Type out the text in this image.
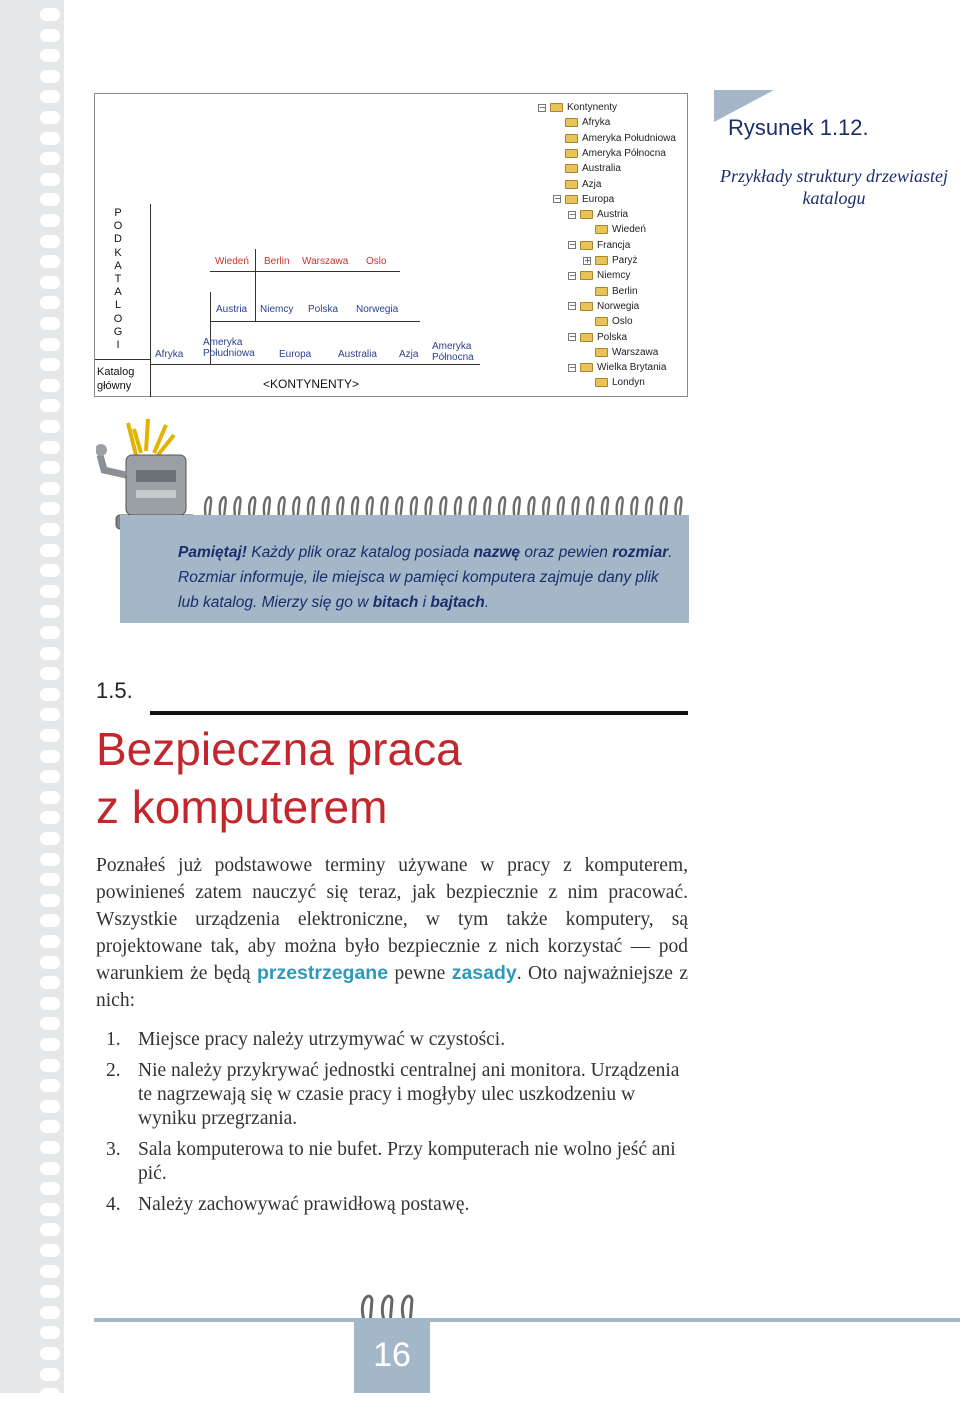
P
O
D
K
A
T
A
L
O
G
I
Katalog główny	<KONTYNENTY>
Afryka
Ameryka Południowa	Europa	Australia Azja
Ameryka Północna
Austria Niemcy Polska Norwegia
Wiedeń Berlin Warszawa Oslo
− Kontynenty
Afryka
Ameryka Południowa
Ameryka Północna
Australia
Azja
− Europa
− Austria
Wiedeń
− Francja
+ Paryż
− Niemcy
Berlin
− Norwegia
Oslo
− Polska
Warszawa
− Wielka Brytania
Londyn
Rysunek 1.12.
Przykłady struktury drzewiastej katalogu
Pamiętaj! Każdy plik oraz katalog posiada nazwę oraz pewien rozmiar. Rozmiar informuje, ile miejsca w pamięci komputera zajmuje dany plik lub katalog. Mierzy się go w bitach i bajtach.
1.5.
Bezpieczna praca
z komputerem
Poznałeś już podstawowe terminy używane w pracy z komputerem, powinieneś zatem nauczyć się teraz, jak bezpiecznie z nim pracować. Wszystkie urządzenia elektroniczne, w tym także komputery, są projektowane tak, aby można było bezpiecznie z nich korzystać — pod warunkiem że będą przestrzegane pewne zasady. Oto najważniejsze z nich:
1. Miejsce pracy należy utrzymywać w czystości.
2. Nie należy przykrywać jednostki centralnej ani monitora. Urządzenia te nagrzewają się w czasie pracy i mogłyby ulec uszkodzeniu w wyniku przegrzania.
3. Sala komputerowa to nie bufet. Przy komputerach nie wolno jeść ani pić.
4. Należy zachowywać prawidłową postawę.
16
